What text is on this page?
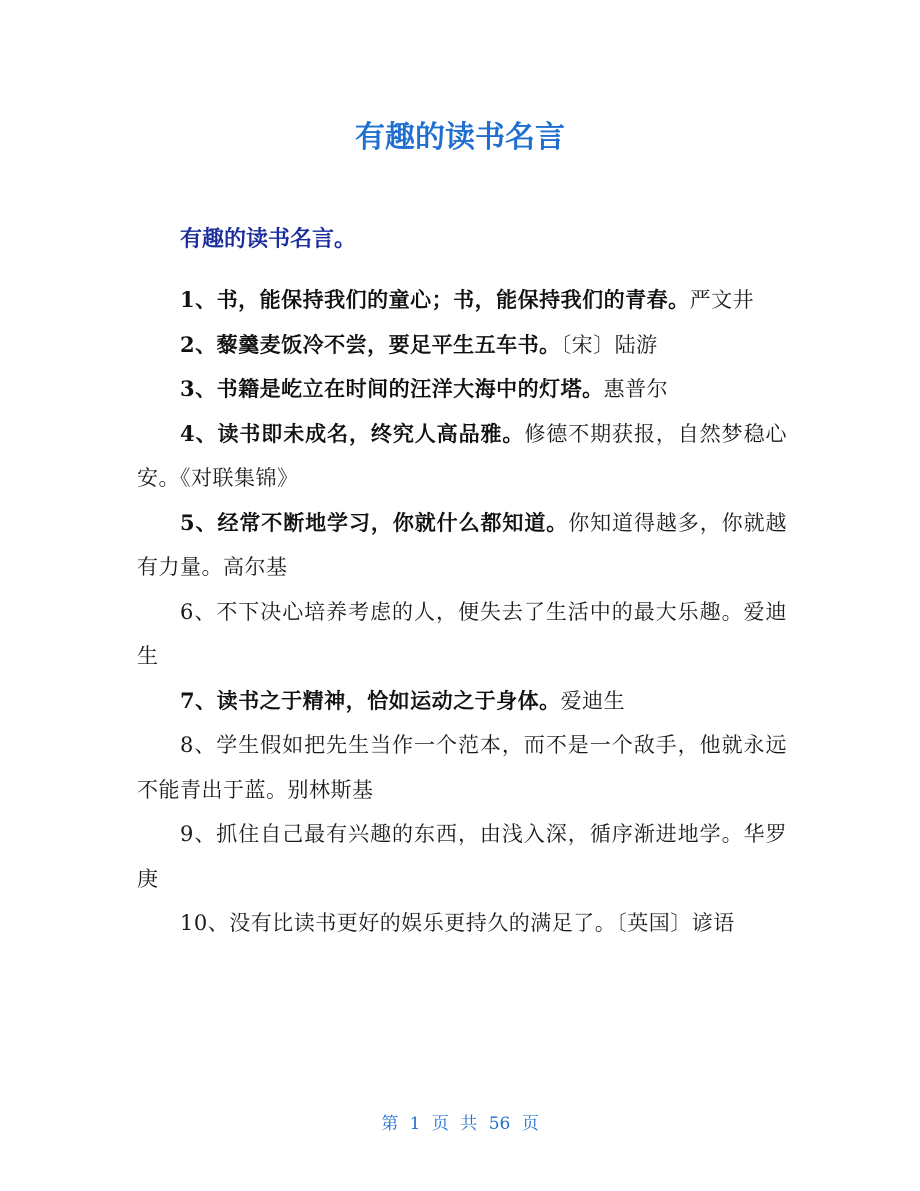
有趣的读书名言

有趣的读书名言。

1、书，能保持我们的童心；书，能保持我们的青春。严文井
2、藜羹麦饭冷不尝，要足平生五车书。〔宋〕陆游
3、书籍是屹立在时间的汪洋大海中的灯塔。惠普尔
4、读书即未成名，终究人高品雅。修德不期获报，自然梦稳心安。《对联集锦》
5、经常不断地学习，你就什么都知道。你知道得越多，你就越有力量。高尔基
6、不下决心培养考虑的人，便失去了生活中的最大乐趣。爱迪生
7、读书之于精神，恰如运动之于身体。爱迪生
8、学生假如把先生当作一个范本，而不是一个敌手，他就永远不能青出于蓝。别林斯基
9、抓住自己最有兴趣的东西，由浅入深，循序渐进地学。华罗庚
10、没有比读书更好的娱乐更持久的满足了。〔英国〕谚语
第 1 页 共 56 页
